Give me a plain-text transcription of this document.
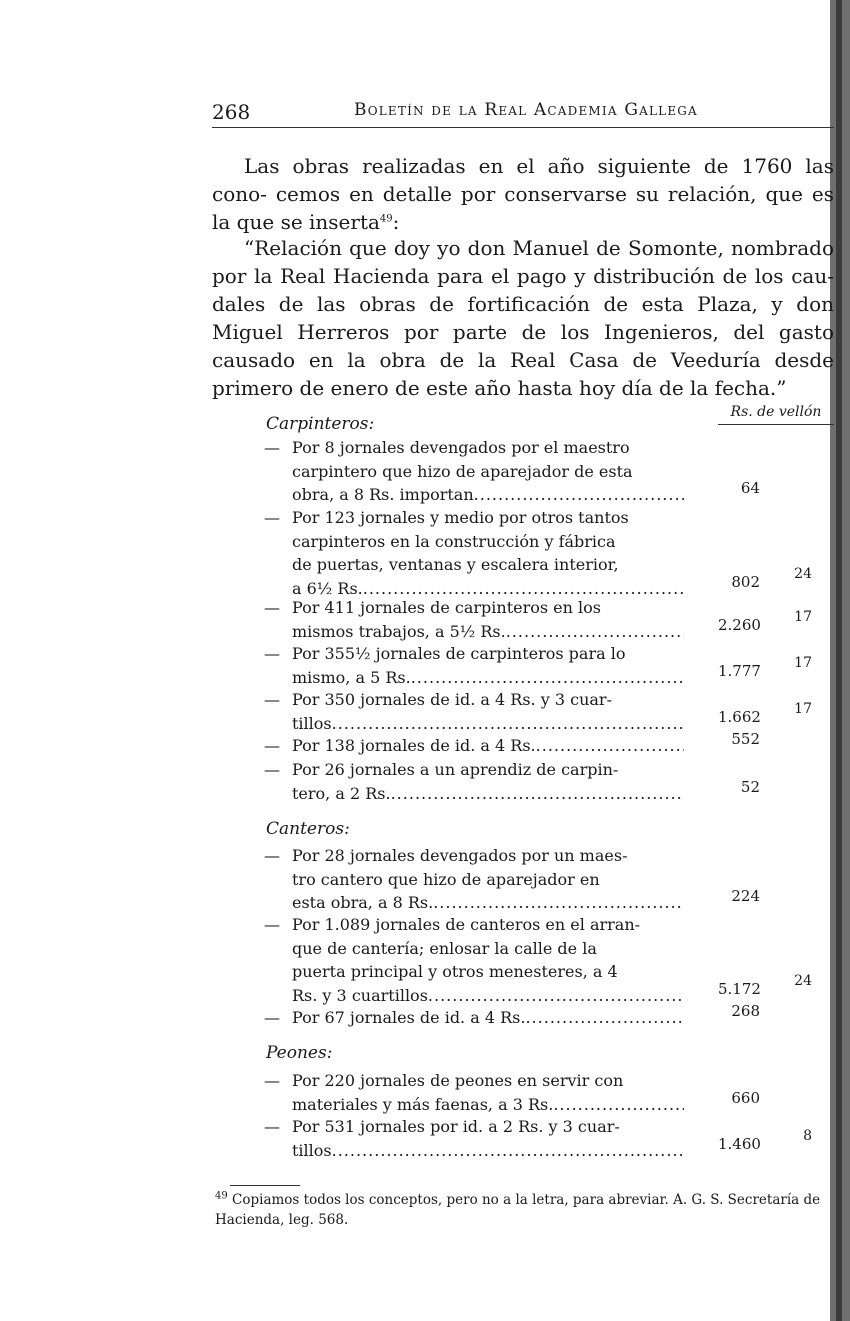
268	Boletín de la Real Academia Gallega

Las obras realizadas en el año siguiente de 1760 las cono- cemos en detalle por conservarse su relación, que es la que se inserta$^{49}$:

“Relación que doy yo don Manuel de Somonte, nombrado por la Real Hacienda para el pago y distribución de los cau- dales de las obras de fortificación de esta Plaza, y don Miguel Herreros por parte de los Ingenieros, del gasto causado en la obra de la Real Casa de Veeduría desde primero de enero de este año hasta hoy día de la fecha.”

Rs. de vellón
Carpinteros:
— Por 8 jornales devengados por el maestro
carpintero que hizo de aparejador de esta
obra, a 8 Rs. importan .....	64
— Por 123 jornales y medio por otros tantos
carpinteros en la construcción y fábrica
de puertas, ventanas y escalera interior,
a 6½ Rs. .....	802 24
— Por 411 jornales de carpinteros en los
mismos trabajos, a 5½ Rs. .....	2.260 17
— Por 355½ jornales de carpinteros para lo
mismo, a 5 Rs. .....	1.777 17
— Por 350 jornales de id. a 4 Rs. y 3 cuar-
tillos .....	1.662 17
— Por 138 jornales de id. a 4 Rs. .....	552
— Por 26 jornales a un aprendiz de carpin-
tero, a 2 Rs. .....	52
Canteros:
— Por 28 jornales devengados por un maes-
tro cantero que hizo de aparejador en
esta obra, a 8 Rs. .....	224
— Por 1.089 jornales de canteros en el arran-
que de cantería; enlosar la calle de la
puerta principal y otros menesteres, a 4
Rs. y 3 cuartillos .....	5.172 24
— Por 67 jornales de id. a 4 Rs. .....	268
Peones:
— Por 220 jornales de peones en servir con
materiales y más faenas, a 3 Rs. .....	660
— Por 531 jornales por id. a 2 Rs. y 3 cuar-
tillos .....	1.460	8

$^{49}$ Copiamos todos los conceptos, pero no a la letra, para abreviar. A. G. S. Secretaría de Hacienda, leg. 568.
